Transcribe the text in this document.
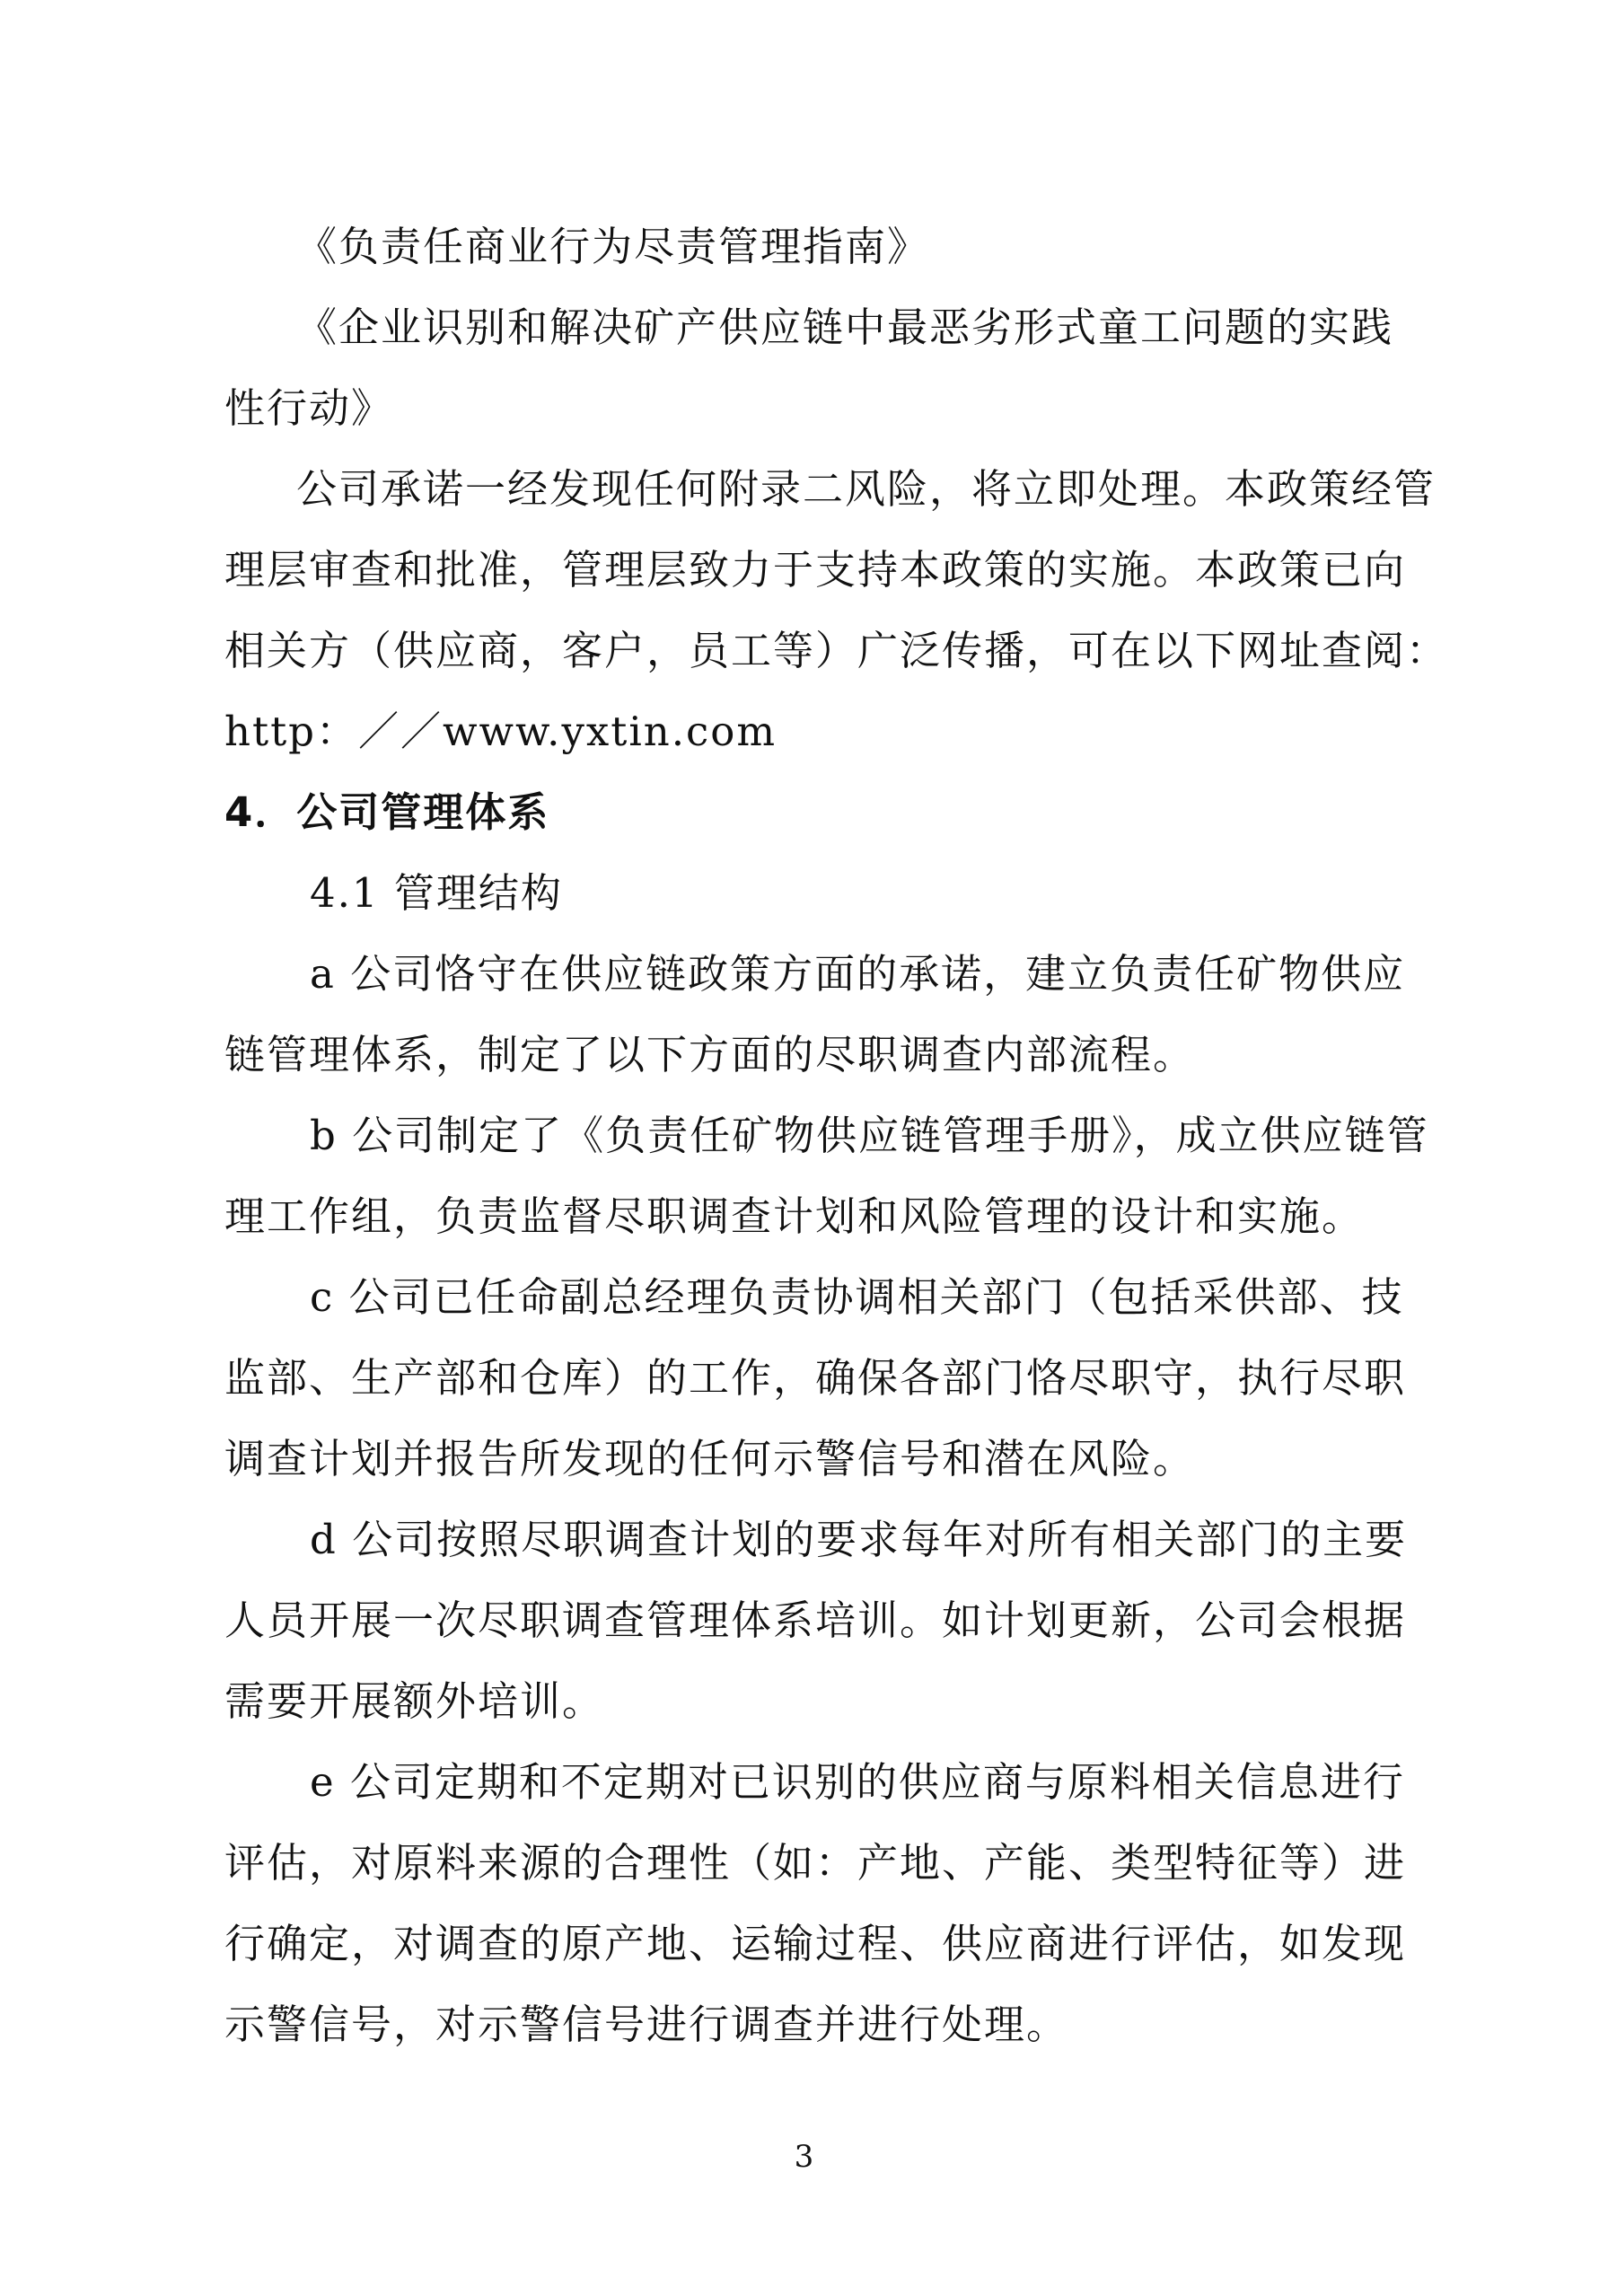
《负责任商业行为尽责管理指南》
《企业识别和解决矿产供应链中最恶劣形式童工问题的实践
性行动》
公司承诺一经发现任何附录二风险，将立即处理。本政策经管
理层审查和批准，管理层致力于支持本政策的实施。本政策已向
相关方（供应商，客户，员工等）广泛传播，可在以下网址查阅：
http：／／www.yxtin.com
4．公司管理体系
4.1 管理结构
a 公司恪守在供应链政策方面的承诺，建立负责任矿物供应
链管理体系，制定了以下方面的尽职调查内部流程。
b 公司制定了《负责任矿物供应链管理手册》，成立供应链管
理工作组，负责监督尽职调查计划和风险管理的设计和实施。
c 公司已任命副总经理负责协调相关部门（包括采供部、技
监部、生产部和仓库）的工作，确保各部门恪尽职守，执行尽职
调查计划并报告所发现的任何示警信号和潜在风险。
d 公司按照尽职调查计划的要求每年对所有相关部门的主要
人员开展一次尽职调查管理体系培训。如计划更新，公司会根据
需要开展额外培训。
e 公司定期和不定期对已识别的供应商与原料相关信息进行
评估，对原料来源的合理性（如：产地、产能、类型特征等）进
行确定，对调查的原产地、运输过程、供应商进行评估，如发现
示警信号，对示警信号进行调查并进行处理。
3
